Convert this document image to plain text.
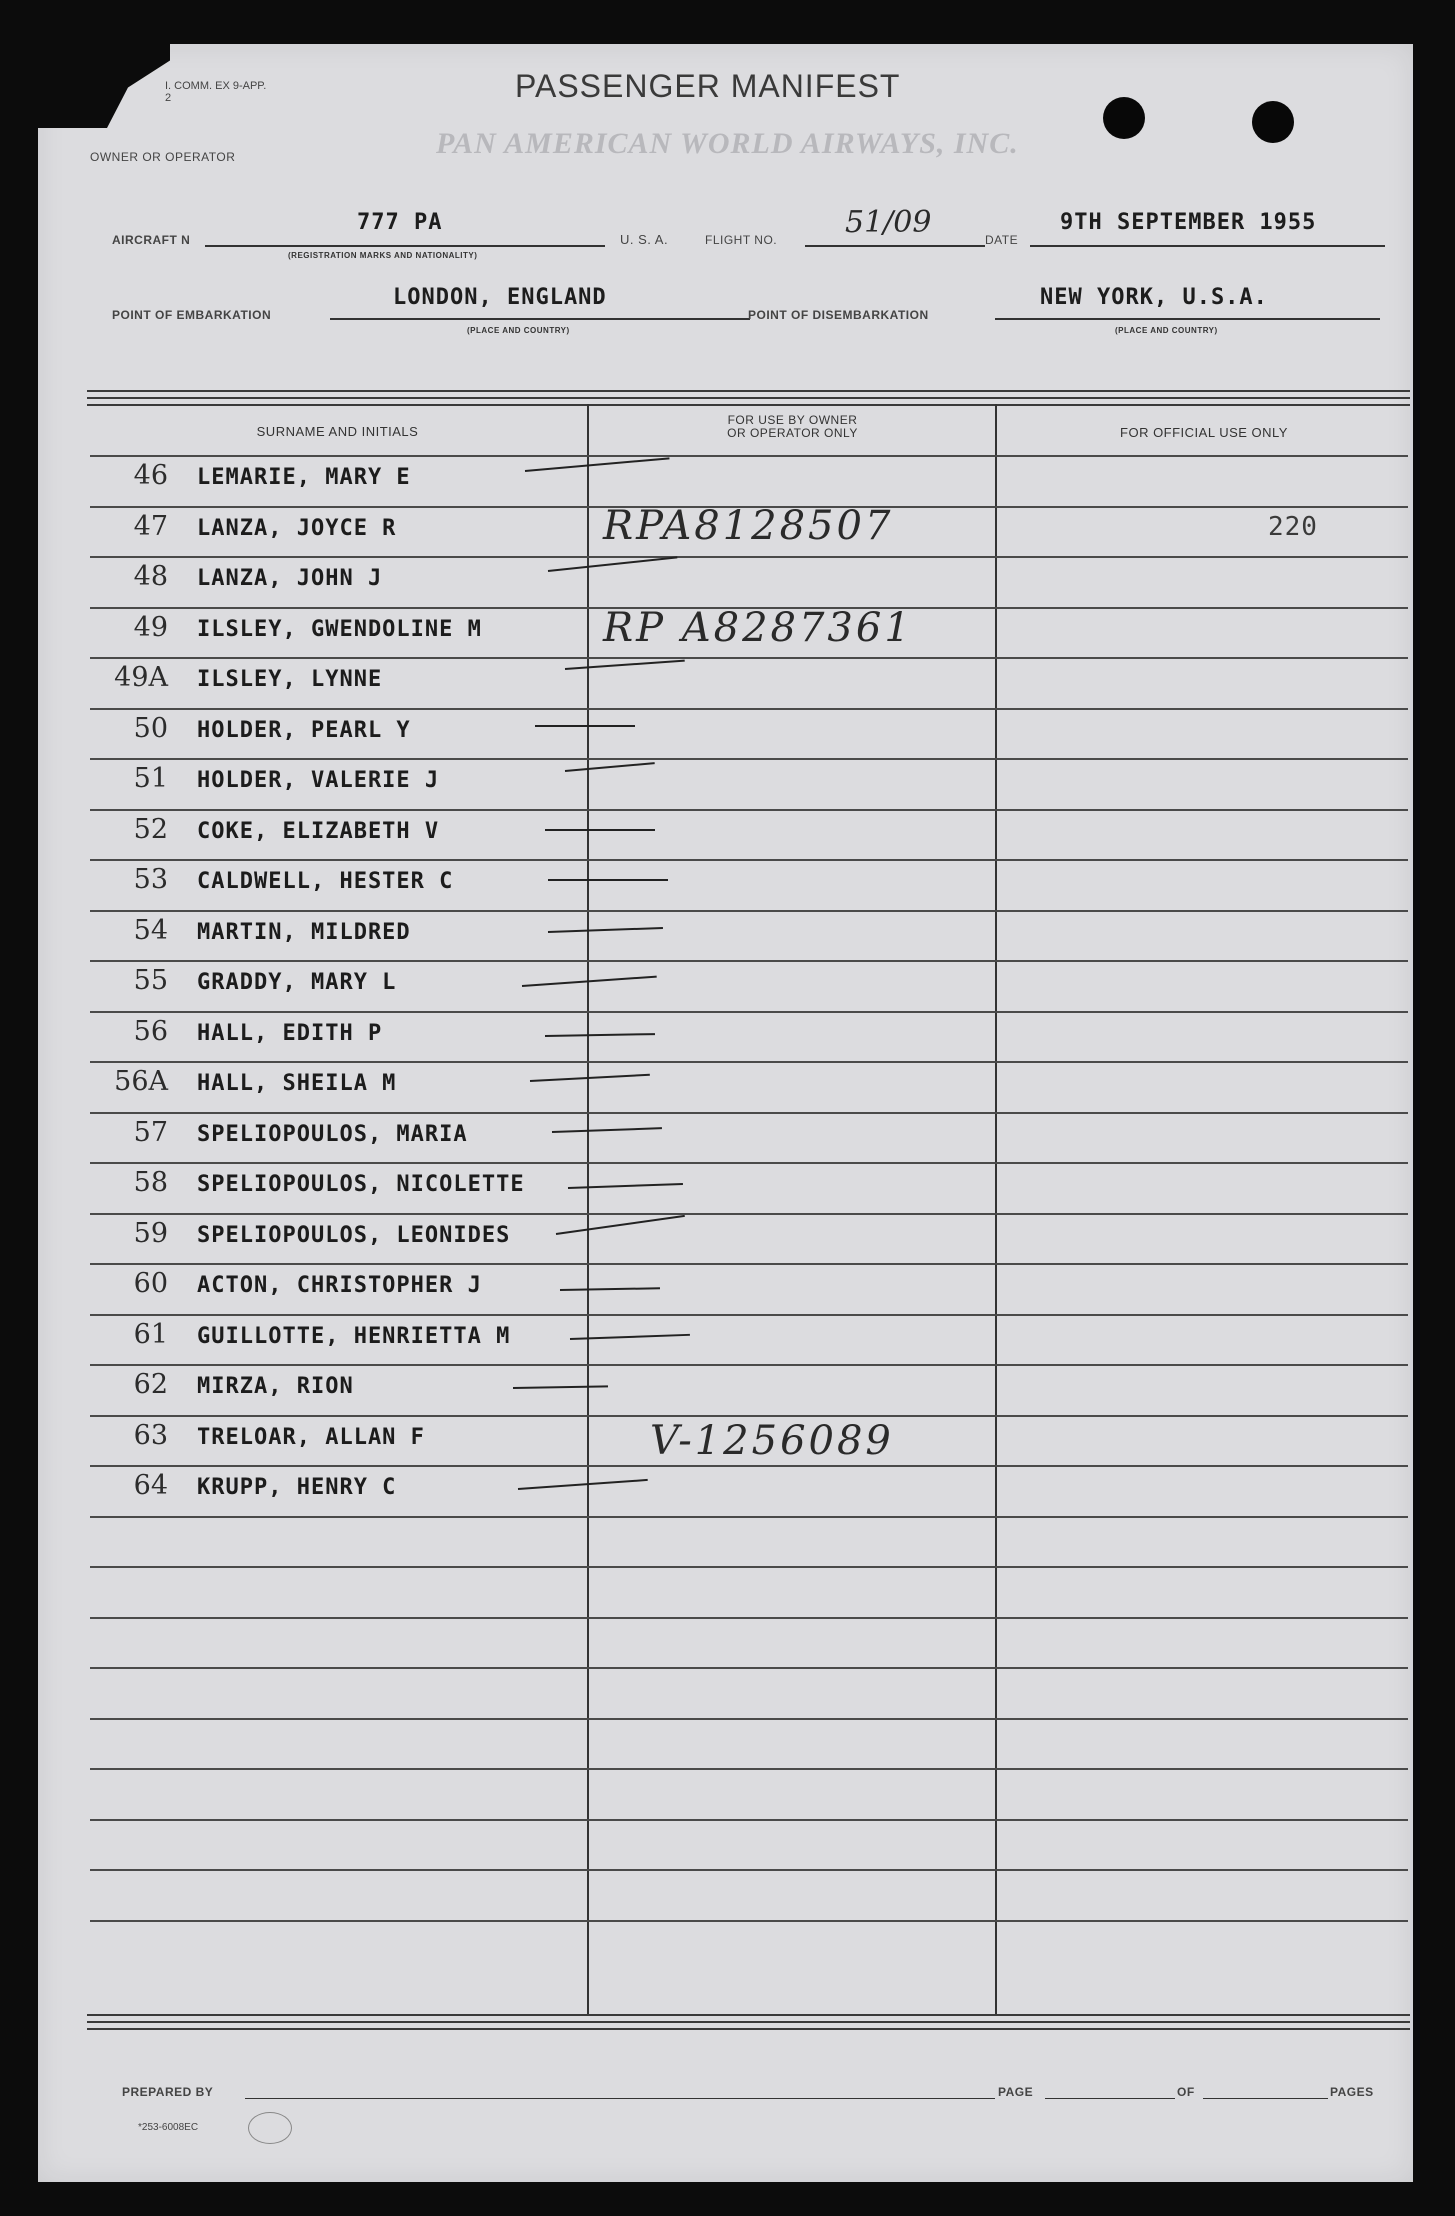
I. COMM. EX 9-APP. 2	PASSENGER MANIFEST
OWNER OR OPERATOR	PAN AMERICAN WORLD AIRWAYS, INC.
AIRCRAFT N
777 PA
(REGISTRATION MARKS AND NATIONALITY)
U. S. A.	FLIGHT NO. 51/09	DATE
9TH SEPTEMBER 1955
POINT OF EMBARKATION
LONDON, ENGLAND
(PLACE AND COUNTRY)
POINT OF DISEMBARKATION
NEW YORK, U.S.A.
(PLACE AND COUNTRY)
SURNAME AND INITIALS
FOR USE BY OWNER
OR OPERATOR ONLY	FOR OFFICIAL USE ONLY
46 LEMARIE, MARY E
47 LANZA, JOYCE R	RPA8128507	220
48 LANZA, JOHN J
49 ILSLEY, GWENDOLINE M	RP A8287361
49A ILSLEY, LYNNE
50 HOLDER, PEARL Y
51 HOLDER, VALERIE J
52 COKE, ELIZABETH V
53 CALDWELL, HESTER C
54 MARTIN, MILDRED
55 GRADDY, MARY L
56 HALL, EDITH P
56A HALL, SHEILA M
57 SPELIOPOULOS, MARIA
58 SPELIOPOULOS, NICOLETTE
59 SPELIOPOULOS, LEONIDES
60 ACTON, CHRISTOPHER J
61 GUILLOTTE, HENRIETTA M
62 MIRZA, RION
63 TRELOAR, ALLAN F	V-1256089
64 KRUPP, HENRY C
PREPARED BY	PAGE	OF	PAGES
*253-6008EC
